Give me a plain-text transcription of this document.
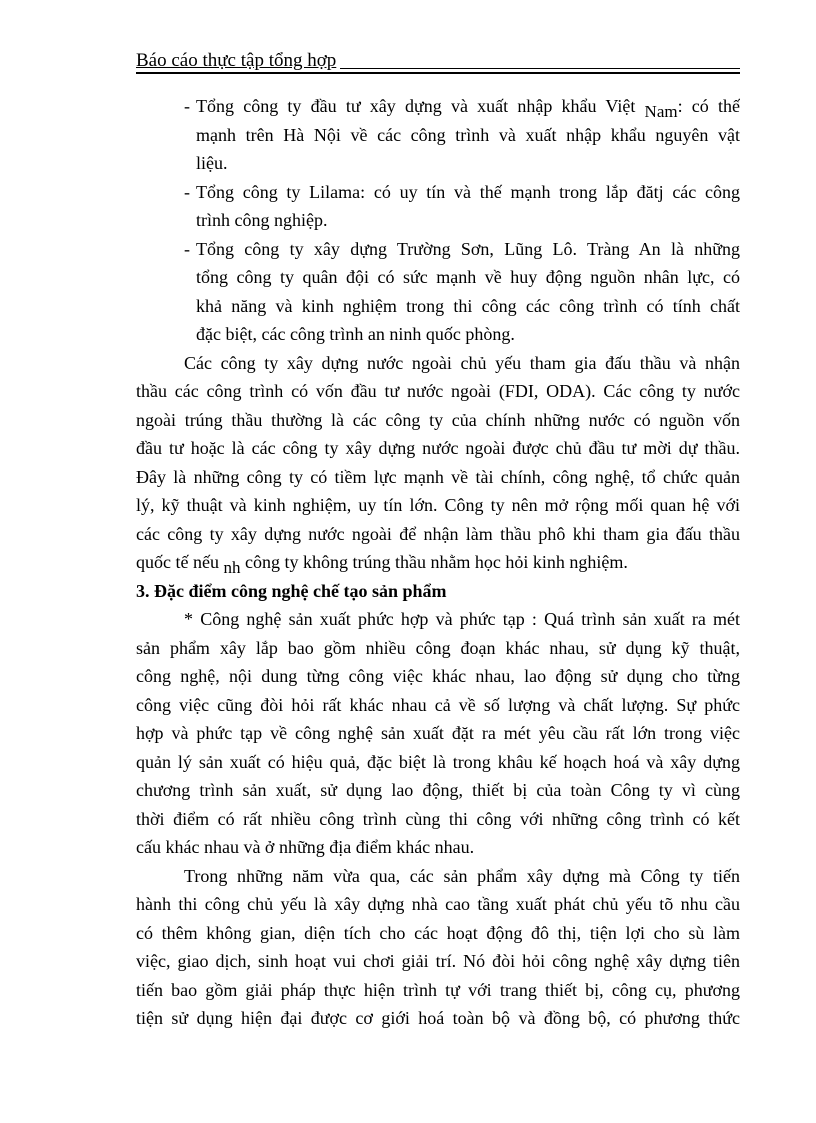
Báo cáo thực tập tổng hợp
- Tổng công ty đầu tư xây dựng và xuất nhập khẩu Việt Nam: có thế
mạnh trên Hà Nội về các công trình và xuất nhập khẩu nguyên vật
liệu.
- Tổng công ty Lilama: có uy tín và thế mạnh trong lắp đătj các công
trình công nghiệp.
- Tổng công ty xây dựng Trường Sơn, Lũng Lô. Tràng An là những
tổng công ty quân đội có sức mạnh về huy động nguồn nhân lực, có
khả năng và kinh nghiệm trong thi công các công trình có tính chất
đặc biệt, các công trình an ninh quốc phòng.
Các công ty xây dựng nước ngoài chủ yếu tham gia đấu thầu và nhận
thầu các công trình có vốn đầu tư nước ngoài (FDI, ODA). Các công ty nước
ngoài trúng thầu thường là các công ty của chính những nước có nguồn vốn
đầu tư hoặc là các công ty xây dựng nước ngoài được chủ đầu tư mời dự thầu.
Đây là những công ty có tiềm lực mạnh về tài chính, công nghệ, tổ chức quản
lý, kỹ thuật và kinh nghiệm, uy tín lớn. Công ty nên mở rộng mối quan hệ với
các công ty xây dựng nước ngoài để nhận làm thầu phô khi tham gia đấu thầu
quốc tế nếu nh công ty không trúng thầu nhằm học hỏi kinh nghiệm.
3. Đặc điểm công nghệ chế tạo sản phẩm
* Công nghệ sản xuất phức hợp và phức tạp : Quá trình sản xuất ra mét
sản phẩm xây lắp bao gồm nhiều công đoạn khác nhau, sử dụng kỹ thuật,
công nghệ, nội dung từng công việc khác nhau, lao động sử dụng cho từng
công việc cũng đòi hỏi rất khác nhau cả về số lượng và chất lượng. Sự phức
hợp và phức tạp về công nghệ sản xuất đặt ra mét yêu cầu rất lớn trong việc
quản lý sản xuất có hiệu quả, đặc biệt là trong khâu kế hoạch hoá và xây dựng
chương trình sản xuất, sử dụng lao động, thiết bị của toàn Công ty vì cùng
thời điểm có rất nhiều công trình cùng thi công với những công trình có kết
cấu khác nhau và ở những địa điểm khác nhau.
Trong những năm vừa qua, các sản phẩm xây dựng mà Công ty tiến
hành thi công chủ yếu là xây dựng nhà cao tầng xuất phát chủ yếu tõ nhu cầu
có thêm không gian, diện tích cho các hoạt động đô thị, tiện lợi cho sù làm
việc, giao dịch, sinh hoạt vui chơi giải trí. Nó đòi hỏi công nghệ xây dựng tiên
tiến bao gồm giải pháp thực hiện trình tự với trang thiết bị, công cụ, phương
tiện sử dụng hiện đại được cơ giới hoá toàn bộ và đồng bộ, có phương thức
